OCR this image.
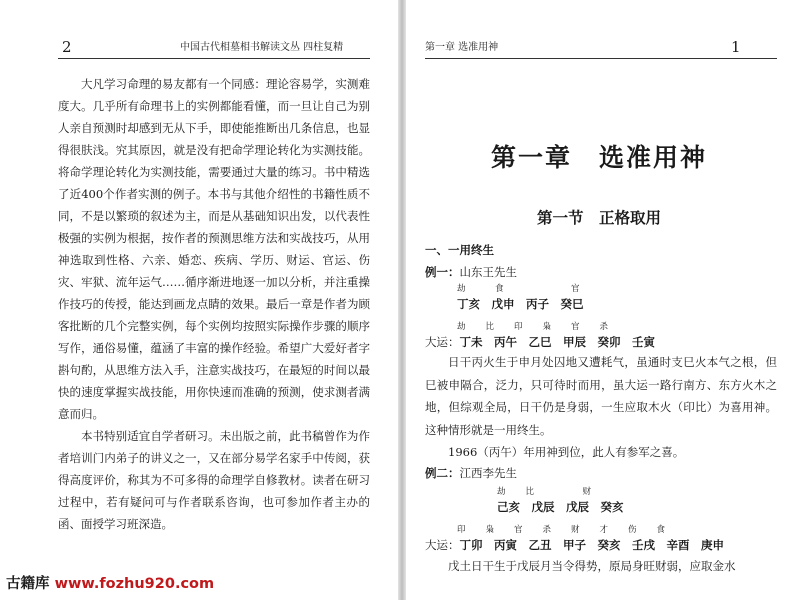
2	中国古代相墓相书解读文丛 四柱复精

大凡学习命理的易友都有一个同感：理论容易学，实测难度大。几乎所有命理书上的实例都能看懂，而一旦让自己为别人亲自预测时却感到无从下手，即使能推断出几条信息，也显得很肤浅。究其原因，就是没有把命学理论转化为实测技能。将命学理论转化为实测技能，需要通过大量的练习。书中精选了近400个作者实测的例子。本书与其他介绍性的书籍性质不同，不是以繁琐的叙述为主，而是从基础知识出发，以代表性极强的实例为根据，按作者的预测思维方法和实战技巧，从用神选取到性格、六亲、婚恋、疾病、学历、财运、官运、伤灾、牢狱、流年运气……循序渐进地逐一加以分析，并注重操作技巧的传授，能达到画龙点睛的效果。最后一章是作者为顾客批断的几个完整实例，每个实例均按照实际操作步骤的顺序写作，通俗易懂，蕴涵了丰富的操作经验。希望广大爱好者字斟句酌，从思维方法入手，注意实战技巧，在最短的时间以最快的速度掌握实战技能，用你快速而准确的预测，使求测者满意而归。

本书特别适宜自学者研习。未出版之前，此书稿曾作为作者培训门内弟子的讲义之一，又在部分易学名家手中传阅，获得高度评价，称其为不可多得的命理学自修教材。读者在研习过程中，若有疑问可与作者联系咨询，也可参加作者主办的函、面授学习班深造。

第一章 选准用神	1
第一章　选准用神
第一节　正格取用
一、一用终生
例一：山东王先生
劫　　　食　　　　　　　官
丁亥　戊申　丙子　癸巳
劫　　比　　印　　枭　　官　　杀
大运：丁未　丙午　乙巳　甲辰　癸卯　壬寅

日干丙火生于申月处囚地又遭耗气，虽通时支巳火本气之根，但巳被申隔合，泛力，只可待时而用，虽大运一路行南方、东方火木之地，但综观全局，日干仍是身弱，一生应取木火（印比）为喜用神。这种情形就是一用终生。

1966（丙午）年用神到位，此人有参军之喜。

例二：江西李先生
劫　　比　　　　　财
己亥　戊辰　戊辰　癸亥
印　　枭　　官　　杀　　财　　才　　伤　　食
大运：丁卯　丙寅　乙丑　甲子　癸亥　壬戌　辛酉　庚申

戊土日干生于戊辰月当令得势，原局身旺财弱，应取金水

古籍库 www.fozhu920.com
